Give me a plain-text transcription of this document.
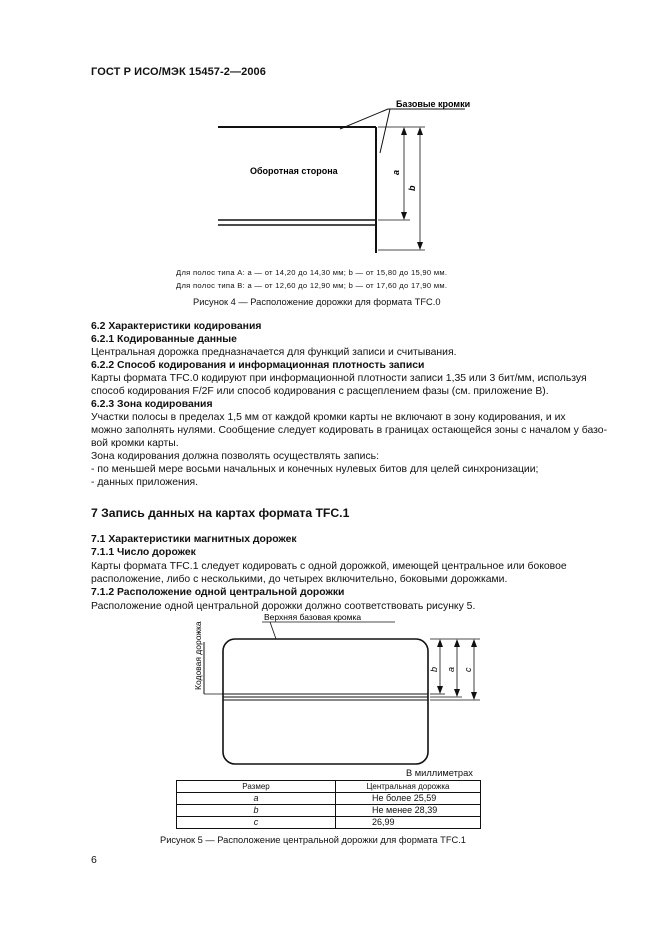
ГОСТ Р ИСО/МЭК 15457-2—2006
Базовые кромки
Оборотная сторона	a
b
Для полос типа А: a — от 14,20 до 14,30 мм; b — от 15,80 до 15,90 мм.
Для полос типа В: a — от 12,60 до 12,90 мм; b — от 17,60 до 17,90 мм.
Рисунок 4 — Расположение дорожки для формата TFC.0
6.2 Характеристики кодирования
6.2.1 Кодированные данные
Центральная дорожка предназначается для функций записи и считывания.
6.2.2 Способ кодирования и информационная плотность записи
Карты формата TFC.0 кодируют при информационной плотности записи 1,35 или 3 бит/мм, используя
способ кодирования F/2F или способ кодирования с расщеплением фазы (см. приложение В).
6.2.3 Зона кодирования
Участки полосы в пределах 1,5 мм от каждой кромки карты не включают в зону кодирования, и их
можно заполнять нулями. Сообщение следует кодировать в границах остающейся зоны с началом у базо-
вой кромки карты.
Зона кодирования должна позволять осуществлять запись:
- по меньшей мере восьми начальных и конечных нулевых битов для целей синхронизации;
- данных приложения.
7 Запись данных на картах формата TFC.1
7.1 Характеристики магнитных дорожек
7.1.1 Число дорожек
Карты формата TFC.1 следует кодировать с одной дорожкой, имеющей центральное или боковое
расположение, либо с несколькими, до четырех включительно, боковыми дорожками.
7.1.2 Расположение одной центральной дорожки
Расположение одной центральной дорожки должно соответствовать рисунку 5.
Верхняя базовая кромка
Кодовая дорожка	b a c
В миллиметрах
Размер	Центральная дорожка
a	Не более 25,59
b	Не менее 28,39
c	26,99
Рисунок 5 — Расположение центральной дорожки для формата TFC.1
6
